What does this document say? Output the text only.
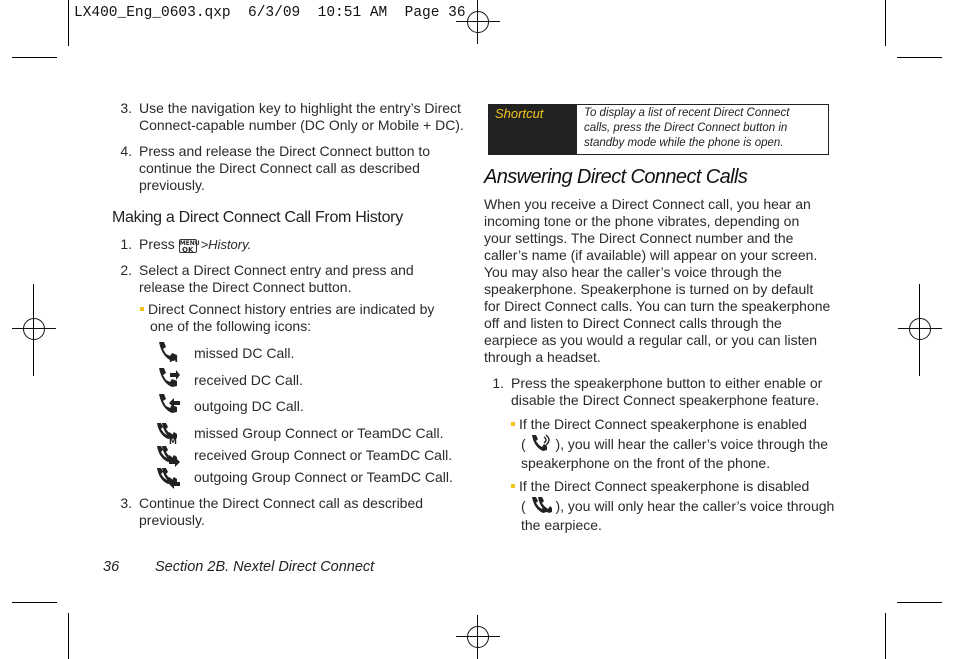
LX400_Eng_0603.qxp  6/3/09  10:51 AM  Page 36
3. Use the navigation key to highlight the entry’s Direct
Connect-capable number (DC Only or Mobile + DC).
4. Press and release the Direct Connect button to
continue the Direct Connect call as described
previously.
Making a Direct Connect Call From History
1. Press MENU
OK >History.
2. Select a Direct Connect entry and press and
release the Direct Connect button.
Direct Connect history entries are indicated by
one of the following icons:
M missed DC Call.
received DC Call.
outgoing DC Call.
M
missed Group Connect or TeamDC Call.
received Group Connect or TeamDC Call.
outgoing Group Connect or TeamDC Call.
3. Continue the Direct Connect call as described
previously.
Shortcut	To display a list of recent Direct Connect
calls, press the Direct Connect button in
standby mode while the phone is open.
Answering Direct Connect Calls
When you receive a Direct Connect call, you hear an
incoming tone or the phone vibrates, depending on
your settings. The Direct Connect number and the
caller’s name (if available) will appear on your screen.
You may also hear the caller’s voice through the
speakerphone. Speakerphone is turned on by default
for Direct Connect calls. You can turn the speakerphone
off and listen to Direct Connect calls through the
earpiece as you would a regular call, or you can listen
through a headset.
1. Press the speakerphone button to either enable or
disable the Direct Connect speakerphone feature.
If the Direct Connect speakerphone is enabled
( ), you will hear the caller’s voice through the
speakerphone on the front of the phone.
If the Direct Connect speakerphone is disabled
( ), you will only hear the caller’s voice through
the earpiece.
36 Section 2B. Nextel Direct Connect
